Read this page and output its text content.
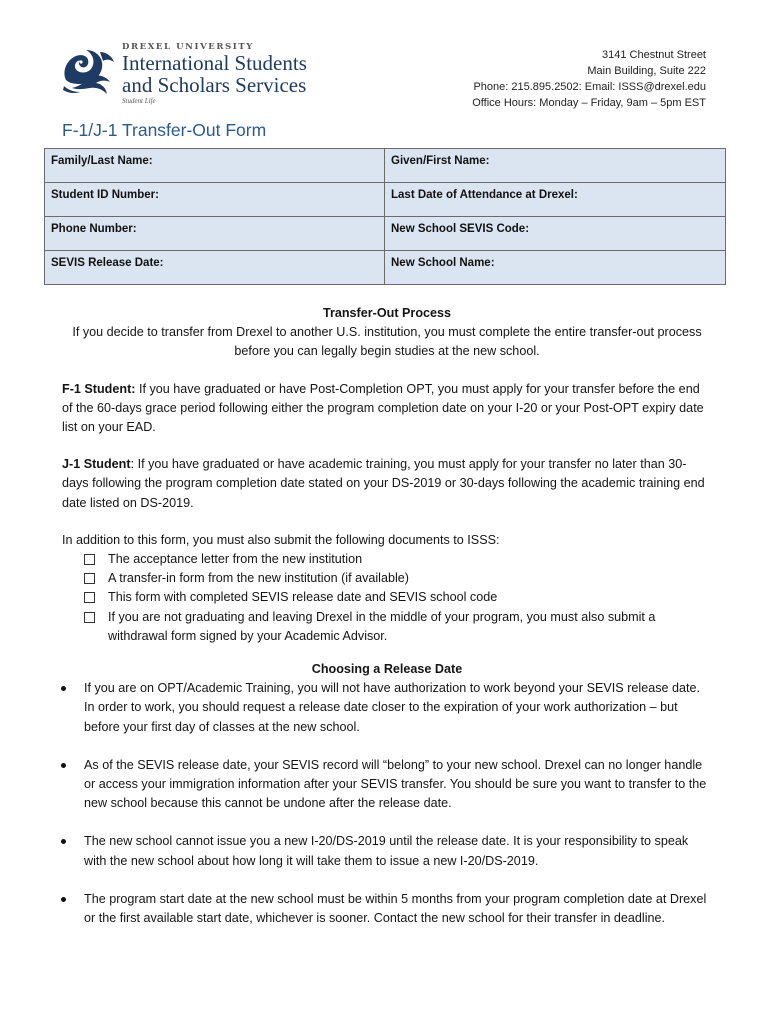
DREXEL UNIVERSITY
International Students
and Scholars Services
Student Life
3141 Chestnut Street
Main Building, Suite 222
Phone: 215.895.2502: Email: ISSS@drexel.edu
Office Hours: Monday – Friday, 9am – 5pm EST
F-1/J-1 Transfer-Out Form
Family/Last Name:	Given/First Name:

Student ID Number:	Last Date of Attendance at Drexel:

Phone Number:	New School SEVIS Code:

SEVIS Release Date:	New School Name:

Transfer-Out Process

If you decide to transfer from Drexel to another U.S. institution, you must complete the entire transfer-out process before you can legally begin studies at the new school.

F-1 Student: If you have graduated or have Post-Completion OPT, you must apply for your transfer before the end of the 60-days grace period following either the program completion date on your I-20 or your Post-OPT expiry date list on your EAD.

J-1 Student: If you have graduated or have academic training, you must apply for your transfer no later than 30-days following the program completion date stated on your DS-2019 or 30-days following the academic training end date listed on DS-2019.

In addition to this form, you must also submit the following documents to ISSS:

The acceptance letter from the new institution
A transfer-in form from the new institution (if available)
This form with completed SEVIS release date and SEVIS school code
If you are not graduating and leaving Drexel in the middle of your program, you must also submit a withdrawal form signed by your Academic Advisor.

Choosing a Release Date

If you are on OPT/Academic Training, you will not have authorization to work beyond your SEVIS release date. In order to work, you should request a release date closer to the expiration of your work authorization – but before your first day of classes at the new school.
As of the SEVIS release date, your SEVIS record will “belong” to your new school. Drexel can no longer handle or access your immigration information after your SEVIS transfer. You should be sure you want to transfer to the new school because this cannot be undone after the release date.
The new school cannot issue you a new I-20/DS-2019 until the release date. It is your responsibility to speak with the new school about how long it will take them to issue a new I-20/DS-2019.
The program start date at the new school must be within 5 months from your program completion date at Drexel or the first available start date, whichever is sooner. Contact the new school for their transfer in deadline.
